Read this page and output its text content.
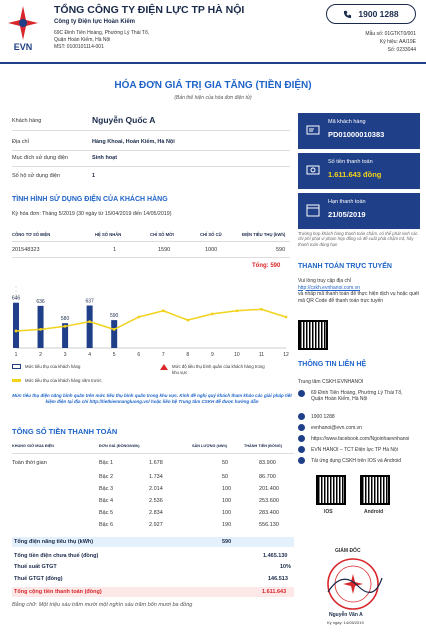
EVN
TỔNG CÔNG TY ĐIỆN LỰC TP HÀ NỘI
Công ty Điện lực Hoàn Kiếm
69C Đinh Tiên Hoàng, Phường Lý Thái Tổ,
Quận Hoàn Kiếm, Hà Nội
MST: 0100101114-001
1900 1288
Mẫu số: 01GTKT0/001
Ký hiệu: AA/19E
Số: 0233044
HÓA ĐƠN GIÁ TRỊ GIA TĂNG (TIỀN ĐIỆN)
(Bản thể hiện của hóa đơn điện tử)
Khách hàng	Nguyễn Quốc A
Địa chỉ	Hàng Khoai, Hoàn Kiếm, Hà Nội
Mục đích sử dụng điện	Sinh hoạt
Số hộ sử dụng điện	1
Mã khách hàng
PD01000010383
Số tiền thanh toán
1.611.643 đồng
Hạn thanh toán
21/05/2019
Trường hợp khách hàng thanh toán chậm, có thể phát sinh các chi phí phạt vi phạm hợp đồng và để xuất phát chậm trả, hãy thanh toán đúng hạn
TÌNH HÌNH SỬ DỤNG ĐIỆN CỦA KHÁCH HÀNG
Kỳ hóa đơn: Tháng 5/2019 (30 ngày từ 15/04/2019 đến 14/05/2019)
CÔNG TƠ SỐ ĐIỆN	HỆ SỐ NHÂN	CHỈ SỐ MỚI	CHỈ SỐ CŨ	ĐIỆN TIÊU THỤ (kWh)
201548323	1	1590	1000	590
Tổng: 590
646
636
580
637
590
1	2	3	4	5	6	7	8	9	10	11	12
Mức tiêu thụ của khách hàng
Mức tiêu thụ của khách hàng năm trước
Mức độ tiêu thụ bình quân của khách hàng trong khu vực
Mức tiêu thụ điện năng bình quân trên mức tiêu thụ bình quân trong khu vực. Kính đề nghị quý khách tham khảo các giải pháp tiết kiệm điện tại địa chỉ http://tietkiemnangluong.vn/ hoặc liên hệ Trung tâm CSKH để được hướng dẫn
TỔNG SỐ TIỀN THANH TOÁN
KHUNG GIỜ MUA ĐIỆN	ĐƠN GIÁ (ĐỒNG/kWh)	SẢN LƯỢNG (kWh)	THÀNH TIỀN (ĐỒNG)
Toàn thời gian	Bậc 1	1.678	50	83.900
Bậc 2	1.734	50	86.700
Bậc 3	2.014	100	201.400
Bậc 4	2.536	100	253.600
Bậc 5	2.834	100	283.400
Bậc 6	2.927	190	556.130
Tổng điện năng tiêu thụ (kWh)	590
Tổng tiền điện chưa thuế (đồng)	1.465.130
Thuế suất GTGT	10%
Thuế GTGT (đồng)	146.513
Tổng cộng tiền thanh toán (đồng)	1.611.643
Bằng chữ: Một triệu sáu trăm mười một nghìn sáu trăm bốn mươi ba đồng
THANH TOÁN TRỰC TUYẾN
Vui lòng truy cập địa chỉ
http://cskh.evnhanoi.com.vn
và nhấp mã thanh toán để thực hiện dịch vụ hoặc quét mã QR Code để thanh toán trực tuyến
THÔNG TIN LIÊN HỆ
Trung tâm CSKH EVNHANOI
69 Đinh Tiên Hoàng, Phường Lý Thái Tổ, Quận Hoàn Kiếm, Hà Nội
1900 1288
evnhanoi@evn.com.vn
https://www.facebook.com/Ngoinhaevnhanoi
EVN HANOI – TCT Điện lực TP Hà Nội
Tải ứng dụng CSKH trên IOS và Android
IOS	Android
GIÁM ĐỐC
Nguyễn Văn A
Ký ngày: 14/05/2019
